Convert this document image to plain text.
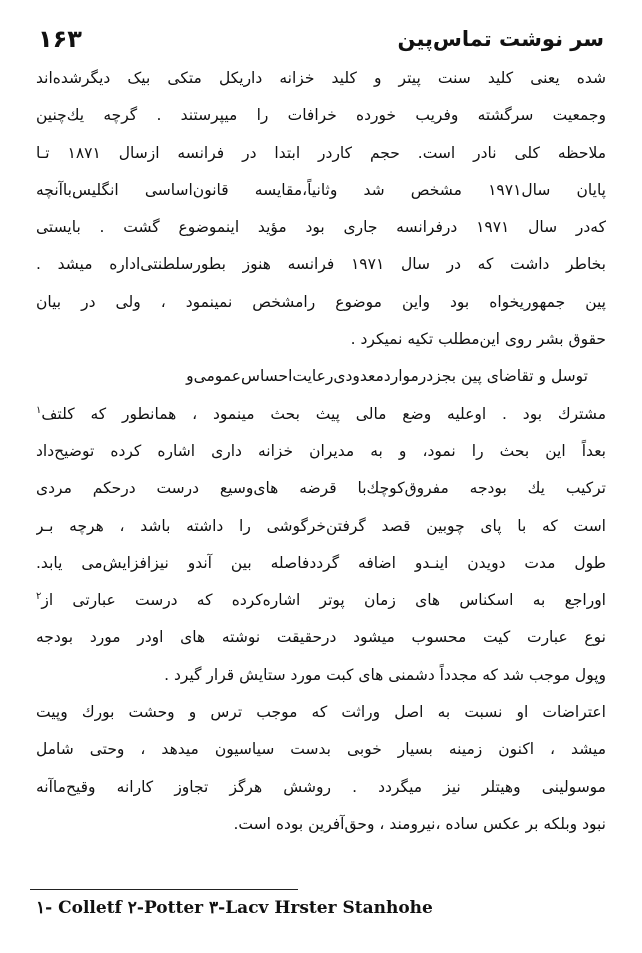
سر نوشت تماس‌پین
۱۶۳
شده یعنی کلید سنت پیتر و کلید خزانه داریکل متکی بیک دیگرشده‌اند
وجمعیت سرگشته وفریب خورده خرافات را میپرستند . گرچه یك‌چنین
ملاحظه کلی نادر است. حجم کاردر ابتدا در فرانسه ازسال ۱۸۷۱ تـا
پایان سال۱۹۷۱ مشخص شد وثانیاً،مقایسه قانون‌اساسی انگلیس‌باآنچه
که‌در سال ۱۹۷۱ درفرانسه جاری بود مؤید اینموضوع گشت . بایستی
بخاطر داشت که در سال ۱۹۷۱ فرانسه هنوز بطورسلطنتی‌اداره میشد .
پین جمهوریخواه بود واین موضوع رامشخص نمینمود ، ولی در بیان
حقوق بشر روی این‌مطلب تکیه نمیکرد .
توسل و تقاضای پین بجزدرموارد‌معدودی‌رعایت‌احساس‌عمومی‌و
مشترك بود . اوعلیه وضع مالی پیث بحث مینمود ، همانطور که کلتف$^۱$
بعداً این بحث را نمود، و به مدیران خزانه داری اشاره کرده توضیح‌داد
ترکیب یك بودجه مفروق‌کوچك‌با قرضه های‌وسیع درست درحکم مردی
است که با پای چوبین قصد گرفتن‌خرگوشی را داشته باشد ، هرچه بـر
طول مدت دویدن اینـدو اضافه گرددفاصله بین آندو نیزافزایش‌می یابد.
اوراجع به اسکناس های زمان پوتر اشاره‌کرده که درست عبارتی از$^۲$
نوع عبارت کیت محسوب میشود درحقیقت نوشته های اودر مورد بودجه
وپول موجب شد که مجدداً دشمنی های کبت مورد ستایش قرار گیرد .
اعتراضات او نسبت به اصل وراثت که موجب ترس و وحشت بورك وپیت
میشد ، اکنون زمینه بسیار خوبی بدست سیاسیون میدهد ، وحتی شامل
موسولینی وهیتلر نیز میگردد . روشش هرگز تجاوز کارانه وقیح‌ماآنه
نبود وبلکه بر عکس ساده ،نیرومند ، وحق‌آفرین بوده است.
۱- Colletf ۲-Potter ۳-Lacv Hrster Stanhohe
